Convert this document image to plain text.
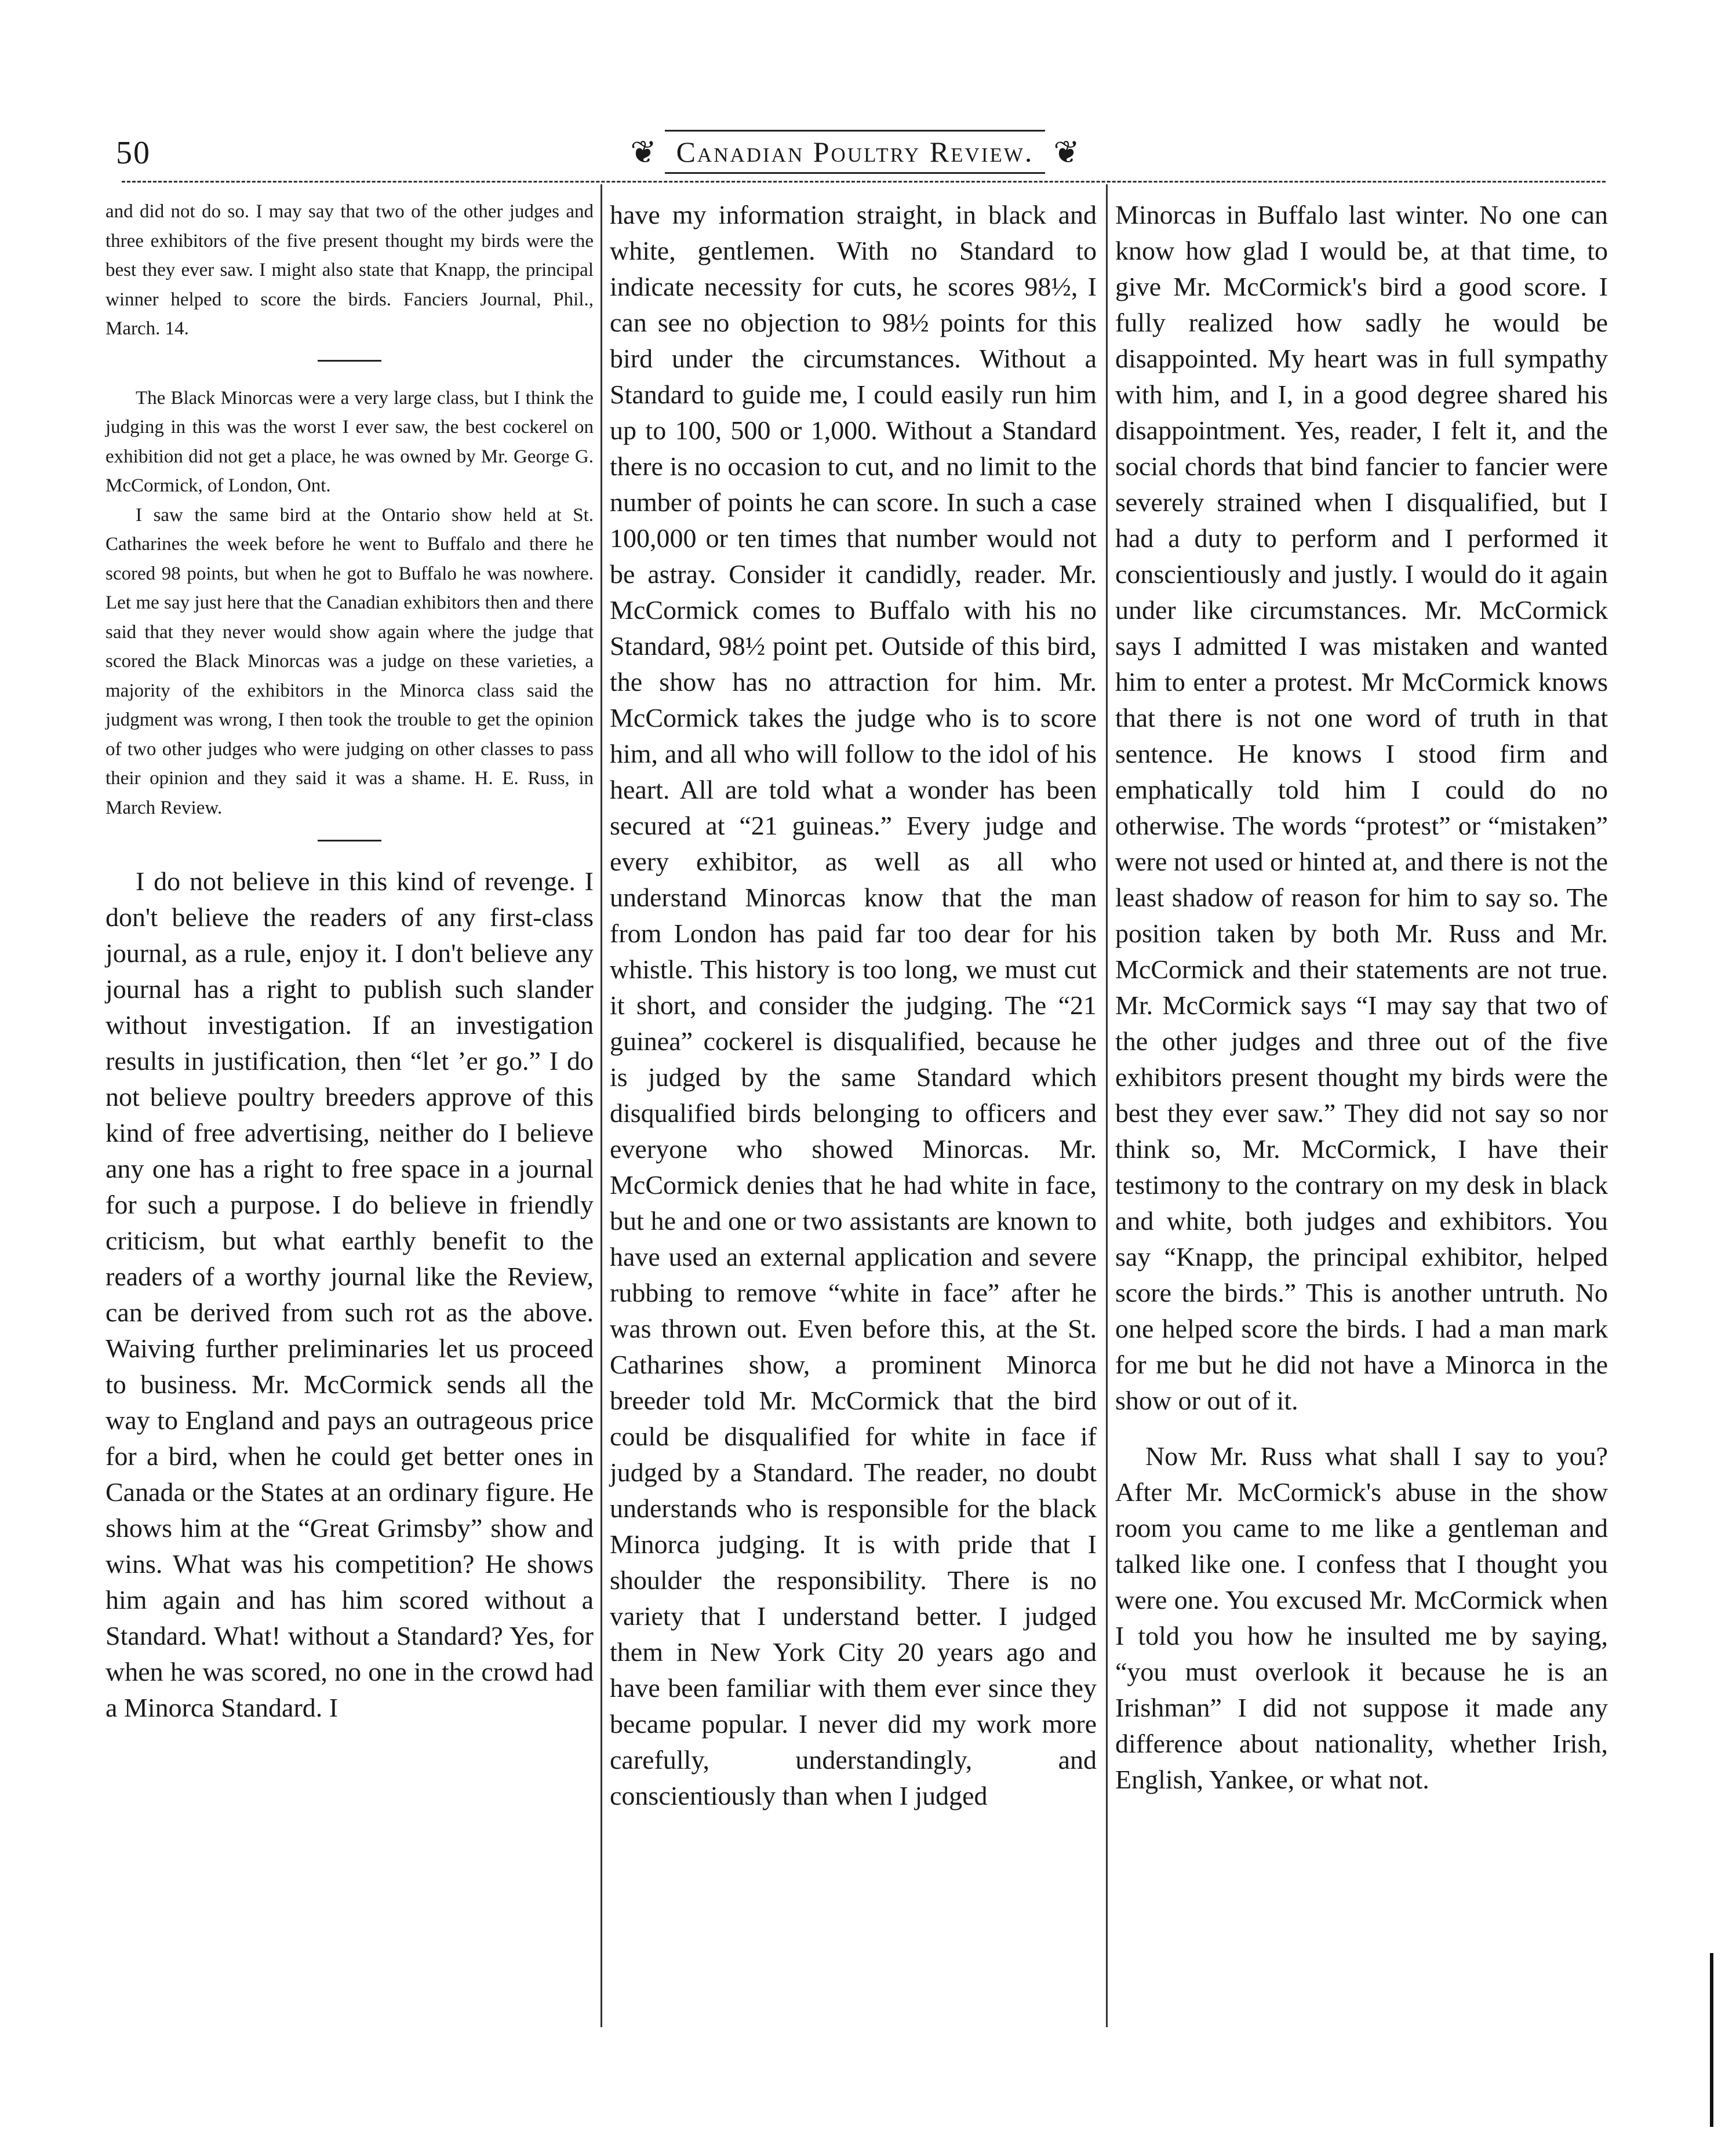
50	❦ Canadian Poultry Review. ❦

and did not do so. I may say that two of the other judges and three exhibitors of the five present thought my birds were the best they ever saw. I might also state that Knapp, the principal winner helped to score the birds. Fanciers Journal, Phil., March. 14.

The Black Minorcas were a very large class, but I think the judging in this was the worst I ever saw, the best cockerel on exhibition did not get a place, he was owned by Mr. George G. McCormick, of London, Ont.

I saw the same bird at the Ontario show held at St. Catharines the week before he went to Buffalo and there he scored 98 points, but when he got to Buffalo he was nowhere. Let me say just here that the Canadian exhibitors then and there said that they never would show again where the judge that scored the Black Minorcas was a judge on these varieties, a majority of the exhibitors in the Minorca class said the judgment was wrong, I then took the trouble to get the opinion of two other judges who were judging on other classes to pass their opinion and they said it was a shame. H. E. Russ, in March Review.

I do not believe in this kind of revenge. I don't believe the readers of any first-class journal, as a rule, enjoy it. I don't believe any journal has a right to publish such slander without investigation. If an investigation results in justification, then “let ’er go.” I do not believe poultry breeders approve of this kind of free advertising, neither do I believe any one has a right to free space in a journal for such a purpose. I do believe in friendly criticism, but what earthly benefit to the readers of a worthy journal like the Review, can be derived from such rot as the above. Waiving further preliminaries let us proceed to business. Mr. McCormick sends all the way to England and pays an outrageous price for a bird, when he could get better ones in Canada or the States at an ordinary figure. He shows him at the “Great Grimsby” show and wins. What was his competition? He shows him again and has him scored without a Standard. What! without a Standard? Yes, for when he was scored, no one in the crowd had a Minorca Standard. I

have my information straight, in black and white, gentlemen. With no Standard to indicate necessity for cuts, he scores 98½, I can see no objection to 98½ points for this bird under the circumstances. Without a Standard to guide me, I could easily run him up to 100, 500 or 1,000. Without a Standard there is no occasion to cut, and no limit to the number of points he can score. In such a case 100,000 or ten times that number would not be astray. Consider it candidly, reader. Mr. McCormick comes to Buffalo with his no Standard, 98½ point pet. Outside of this bird, the show has no attraction for him. Mr. McCormick takes the judge who is to score him, and all who will follow to the idol of his heart. All are told what a wonder has been secured at “21 guineas.” Every judge and every exhibitor, as well as all who understand Minorcas know that the man from London has paid far too dear for his whistle. This history is too long, we must cut it short, and consider the judging. The “21 guinea” cockerel is disqualified, because he is judged by the same Standard which disqualified birds belonging to officers and everyone who showed Minorcas. Mr. McCormick denies that he had white in face, but he and one or two assistants are known to have used an external application and severe rubbing to remove “white in face” after he was thrown out. Even before this, at the St. Catharines show, a prominent Minorca breeder told Mr. McCormick that the bird could be disqualified for white in face if judged by a Standard. The reader, no doubt understands who is responsible for the black Minorca judging. It is with pride that I shoulder the responsibility. There is no variety that I understand better. I judged them in New York City 20 years ago and have been familiar with them ever since they became popular. I never did my work more carefully, understandingly, and conscientiously than when I judged

Minorcas in Buffalo last winter. No one can know how glad I would be, at that time, to give Mr. McCormick's bird a good score. I fully realized how sadly he would be disappointed. My heart was in full sympathy with him, and I, in a good degree shared his disappointment. Yes, reader, I felt it, and the social chords that bind fancier to fancier were severely strained when I disqualified, but I had a duty to perform and I performed it conscientiously and justly. I would do it again under like circumstances. Mr. McCormick says I admitted I was mistaken and wanted him to enter a protest. Mr McCormick knows that there is not one word of truth in that sentence. He knows I stood firm and emphatically told him I could do no otherwise. The words “protest” or “mistaken” were not used or hinted at, and there is not the least shadow of reason for him to say so. The position taken by both Mr. Russ and Mr. McCormick and their statements are not true. Mr. McCormick says “I may say that two of the other judges and three out of the five exhibitors present thought my birds were the best they ever saw.” They did not say so nor think so, Mr. McCormick, I have their testimony to the contrary on my desk in black and white, both judges and exhibitors. You say “Knapp, the principal exhibitor, helped score the birds.” This is another untruth. No one helped score the birds. I had a man mark for me but he did not have a Minorca in the show or out of it.

Now Mr. Russ what shall I say to you? After Mr. McCormick's abuse in the show room you came to me like a gentleman and talked like one. I confess that I thought you were one. You excused Mr. McCormick when I told you how he insulted me by saying, “you must overlook it because he is an Irishman” I did not suppose it made any difference about nationality, whether Irish, English, Yankee, or what not.
